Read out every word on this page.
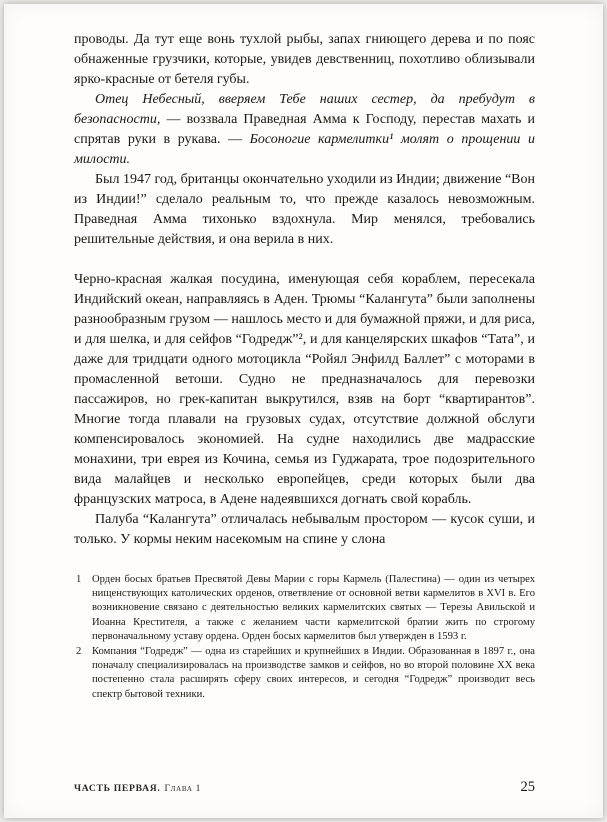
проводы. Да тут еще вонь тухлой рыбы, запах гниющего дерева и по пояс обнаженные грузчики, которые, увидев девственниц, похотливо облизывали ярко-красные от бетеля губы.

Отец Небесный, вверяем Тебе наших сестер, да пребудут в безопасности, — воззвала Праведная Амма к Господу, перестав махать и спрятав руки в рукава. — Босоногие кармелитки¹ молят о прощении и милости.

Был 1947 год, британцы окончательно уходили из Индии; движение “Вон из Индии!” сделало реальным то, что прежде казалось невозможным. Праведная Амма тихонько вздохнула. Мир менялся, требовались решительные действия, и она верила в них.

Черно-красная жалкая посудина, именующая себя кораблем, пересекала Индийский океан, направляясь в Аден. Трюмы “Калангута” были заполнены разнообразным грузом — нашлось место и для бумажной пряжи, и для риса, и для шелка, и для сейфов “Годредж”², и для канцелярских шкафов “Тата”, и даже для тридцати одного мотоцикла “Ройял Энфилд Баллет” с моторами в промасленной ветоши. Судно не предназначалось для перевозки пассажиров, но грек-капитан выкрутился, взяв на борт “квартирантов”. Многие тогда плавали на грузовых судах, отсутствие должной обслуги компенсировалось экономией. На судне находились две мадрасские монахини, три еврея из Кочина, семья из Гуджарата, трое подозрительного вида малайцев и несколько европейцев, среди которых были два французских матроса, в Адене надеявшихся догнать свой корабль.

Палуба “Калангута” отличалась небывалым простором — кусок суши, и только. У кормы неким насекомым на спине у слона

1	Орден босых братьев Пресвятой Девы Марии с горы Кармель (Палестина) — один из четырех нищенствующих католических орденов, ответвление от основной ветви кармелитов в XVI в. Его возникновение связано с деятельностью великих кармелитских святых — Терезы Авильской и Иоанна Крестителя, а также с желанием части кармелитской братии жить по строгому первоначальному уставу ордена. Орден босых кармелитов был утвержден в 1593 г.
2	Компания “Годредж” — одна из старейших и крупнейших в Индии. Образованная в 1897 г., она поначалу специализировалась на производстве замков и сейфов, но во второй половине XX века постепенно стала расширять сферу своих интересов, и сегодня “Годредж” производит весь спектр бытовой техники.
ЧАСТЬ ПЕРВАЯ. Глава 1	25
